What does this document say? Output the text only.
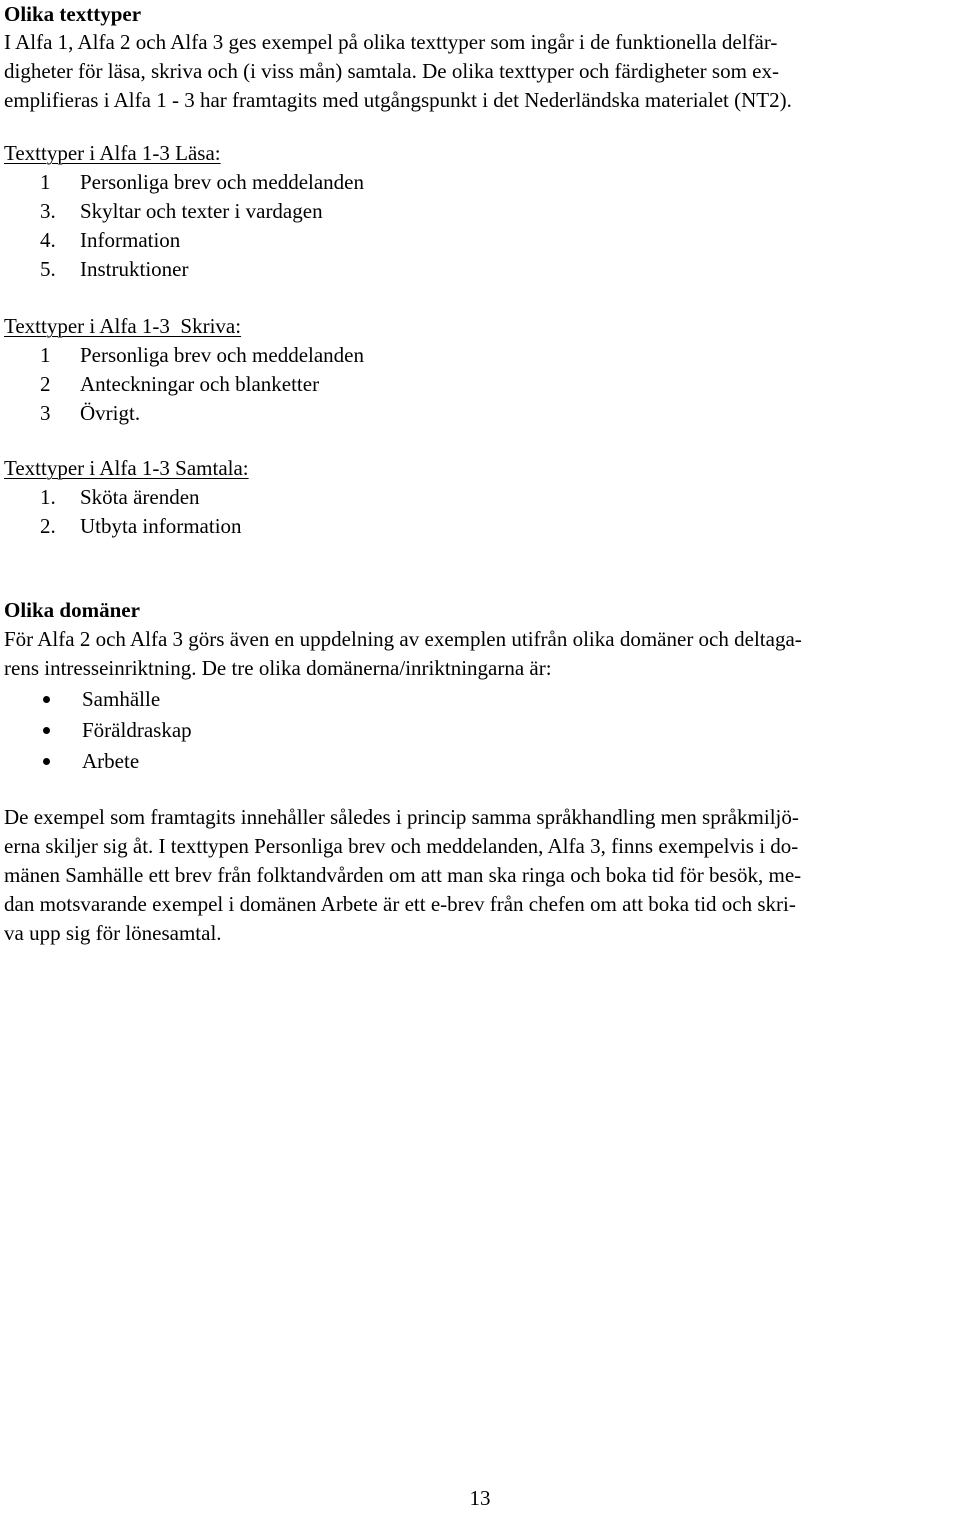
Olika texttyper

I Alfa 1, Alfa 2 och Alfa 3 ges exempel på olika texttyper som ingår i de funktionella delfär-
digheter för läsa, skriva och (i viss mån) samtala. De olika texttyper och färdigheter som ex-
emplifieras i Alfa 1 - 3 har framtagits med utgångspunkt i det Nederländska materialet (NT2).

Texttyper i Alfa 1-3 Läsa:

1	Personliga brev och meddelanden
3.	Skyltar och texter i vardagen
4.	Information
5.	Instruktioner

Texttyper i Alfa 1-3  Skriva:

1	Personliga brev och meddelanden
2	Anteckningar och blanketter
3	Övrigt.

Texttyper i Alfa 1-3 Samtala:

1.	Sköta ärenden
2.	Utbyta information
Olika domäner

För Alfa 2 och Alfa 3 görs även en uppdelning av exemplen utifrån olika domäner och deltaga-
rens intresseinriktning. De tre olika domänerna/inriktningarna är:

Samhälle
Föräldraskap
Arbete

De exempel som framtagits innehåller således i princip samma språkhandling men språkmiljö-
erna skiljer sig åt. I texttypen Personliga brev och meddelanden, Alfa 3, finns exempelvis i do-
mänen Samhälle ett brev från folktandvården om att man ska ringa och boka tid för besök, me-
dan motsvarande exempel i domänen Arbete är ett e-brev från chefen om att boka tid och skri-
va upp sig för lönesamtal.

13
